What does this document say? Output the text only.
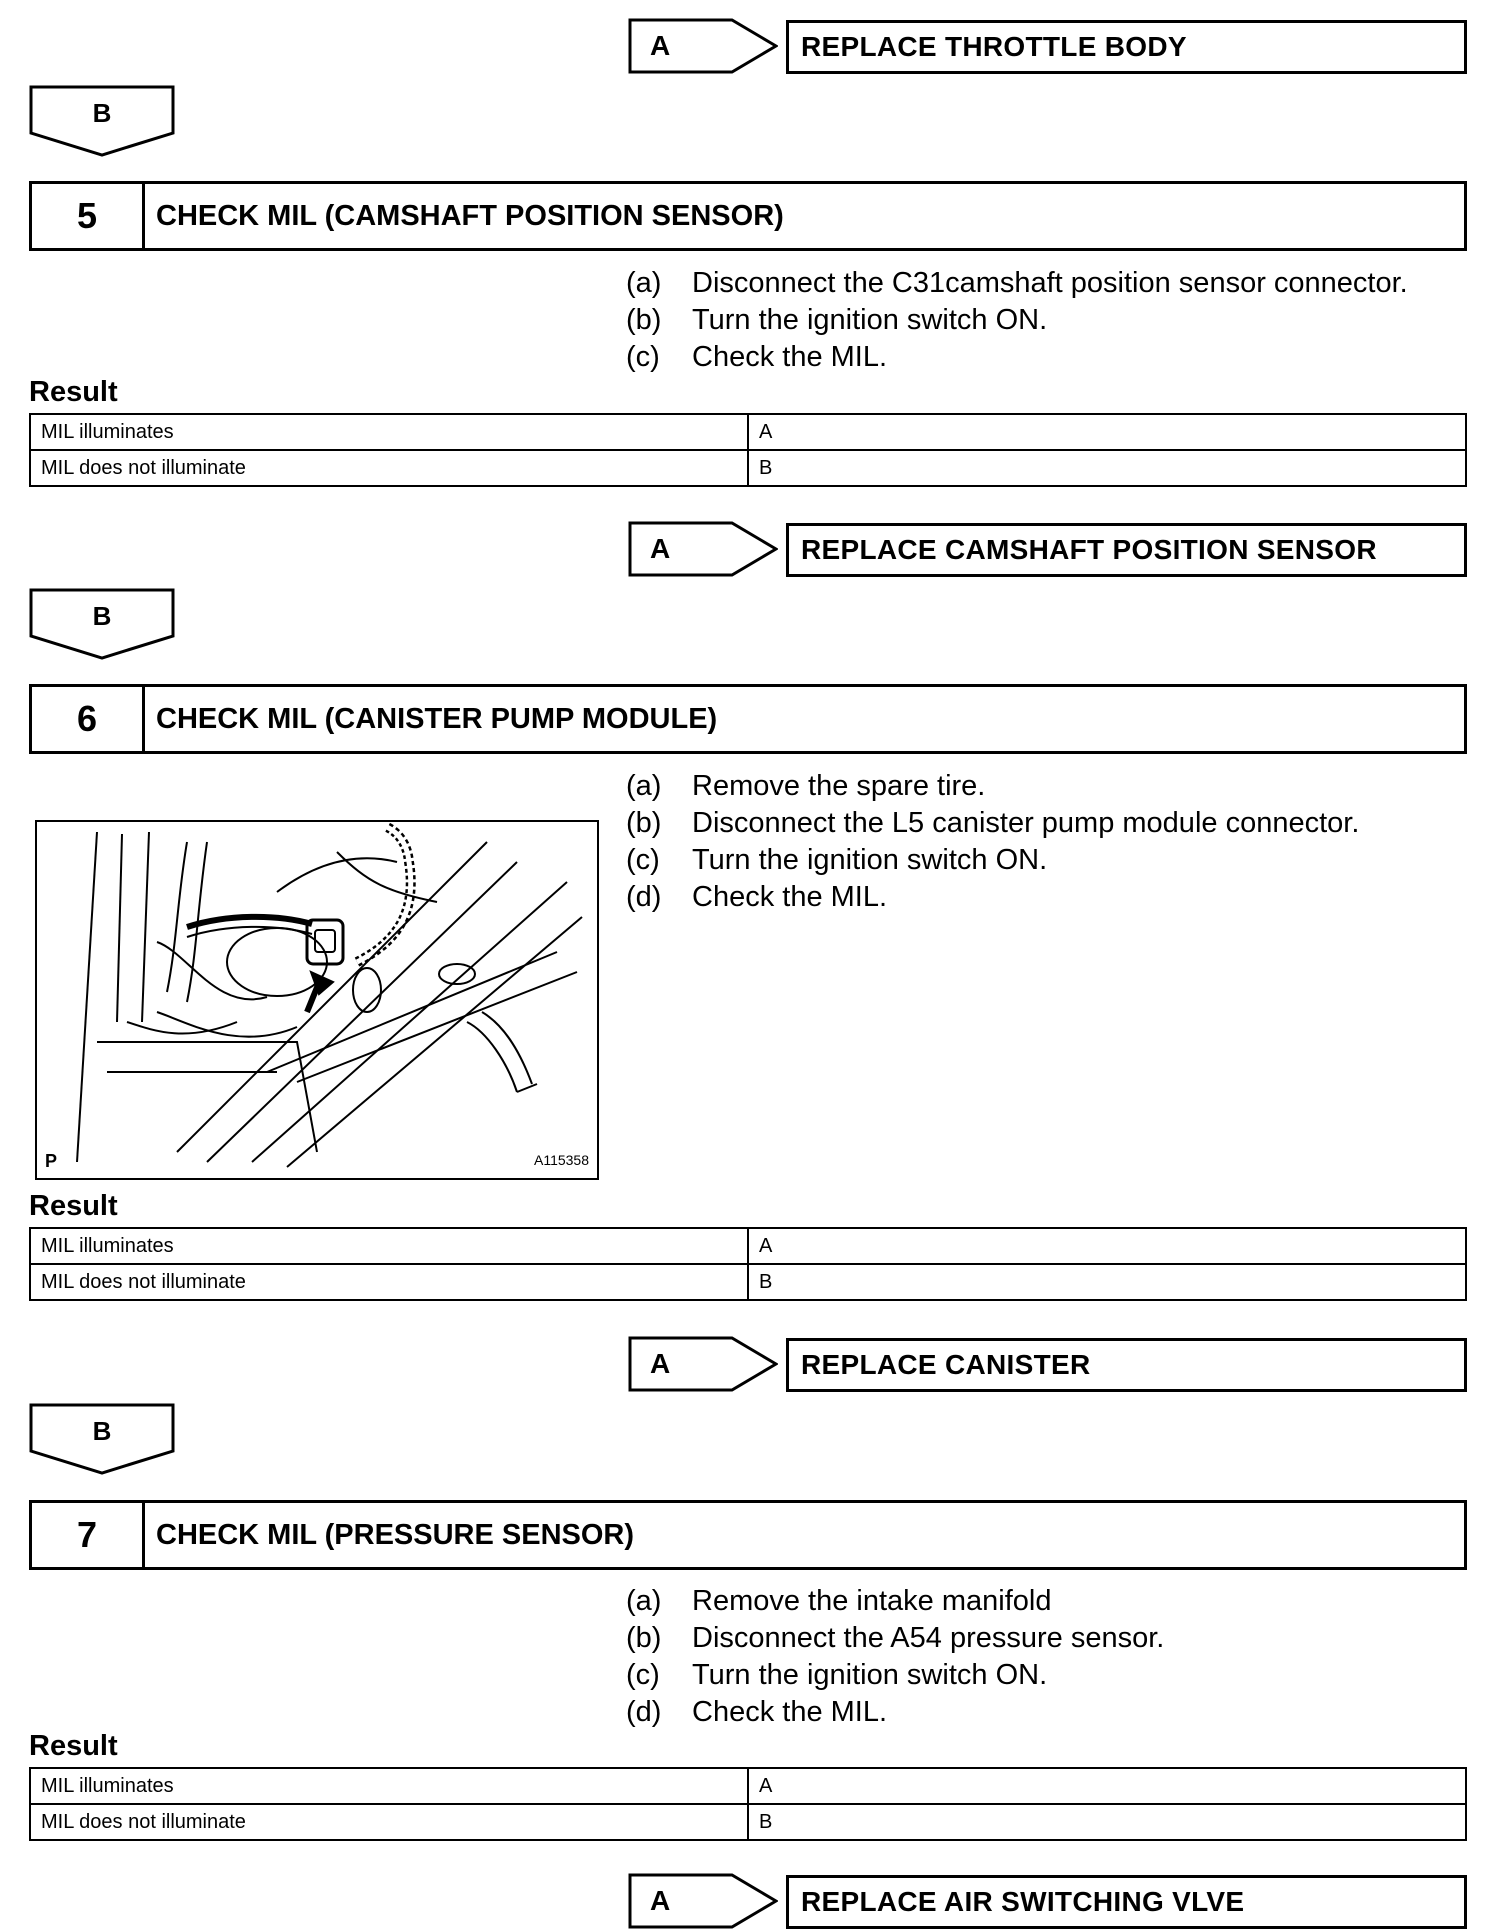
A	REPLACE THROTTLE BODY
B
5	CHECK MIL (CAMSHAFT POSITION SENSOR)
(a)	Disconnect the C31camshaft position sensor connector.
(b)	Turn the ignition switch ON.
(c)	Check the MIL.
Result
MIL illuminates	A
MIL does not illuminate	B
A	REPLACE CAMSHAFT POSITION SENSOR
B
6	CHECK MIL (CANISTER PUMP MODULE)
(a)	Remove the spare tire.
(b)	Disconnect the L5 canister pump module connector.
(c)	Turn the ignition switch ON.
(d)	Check the MIL.
P	A115358
Result
MIL illuminates	A
MIL does not illuminate	B
A	REPLACE CANISTER
B
7	CHECK MIL (PRESSURE SENSOR)
(a)	Remove the intake manifold
(b)	Disconnect the A54 pressure sensor.
(c)	Turn the ignition switch ON.
(d)	Check the MIL.
Result
MIL illuminates	A
MIL does not illuminate	B
A	REPLACE AIR SWITCHING VLVE
